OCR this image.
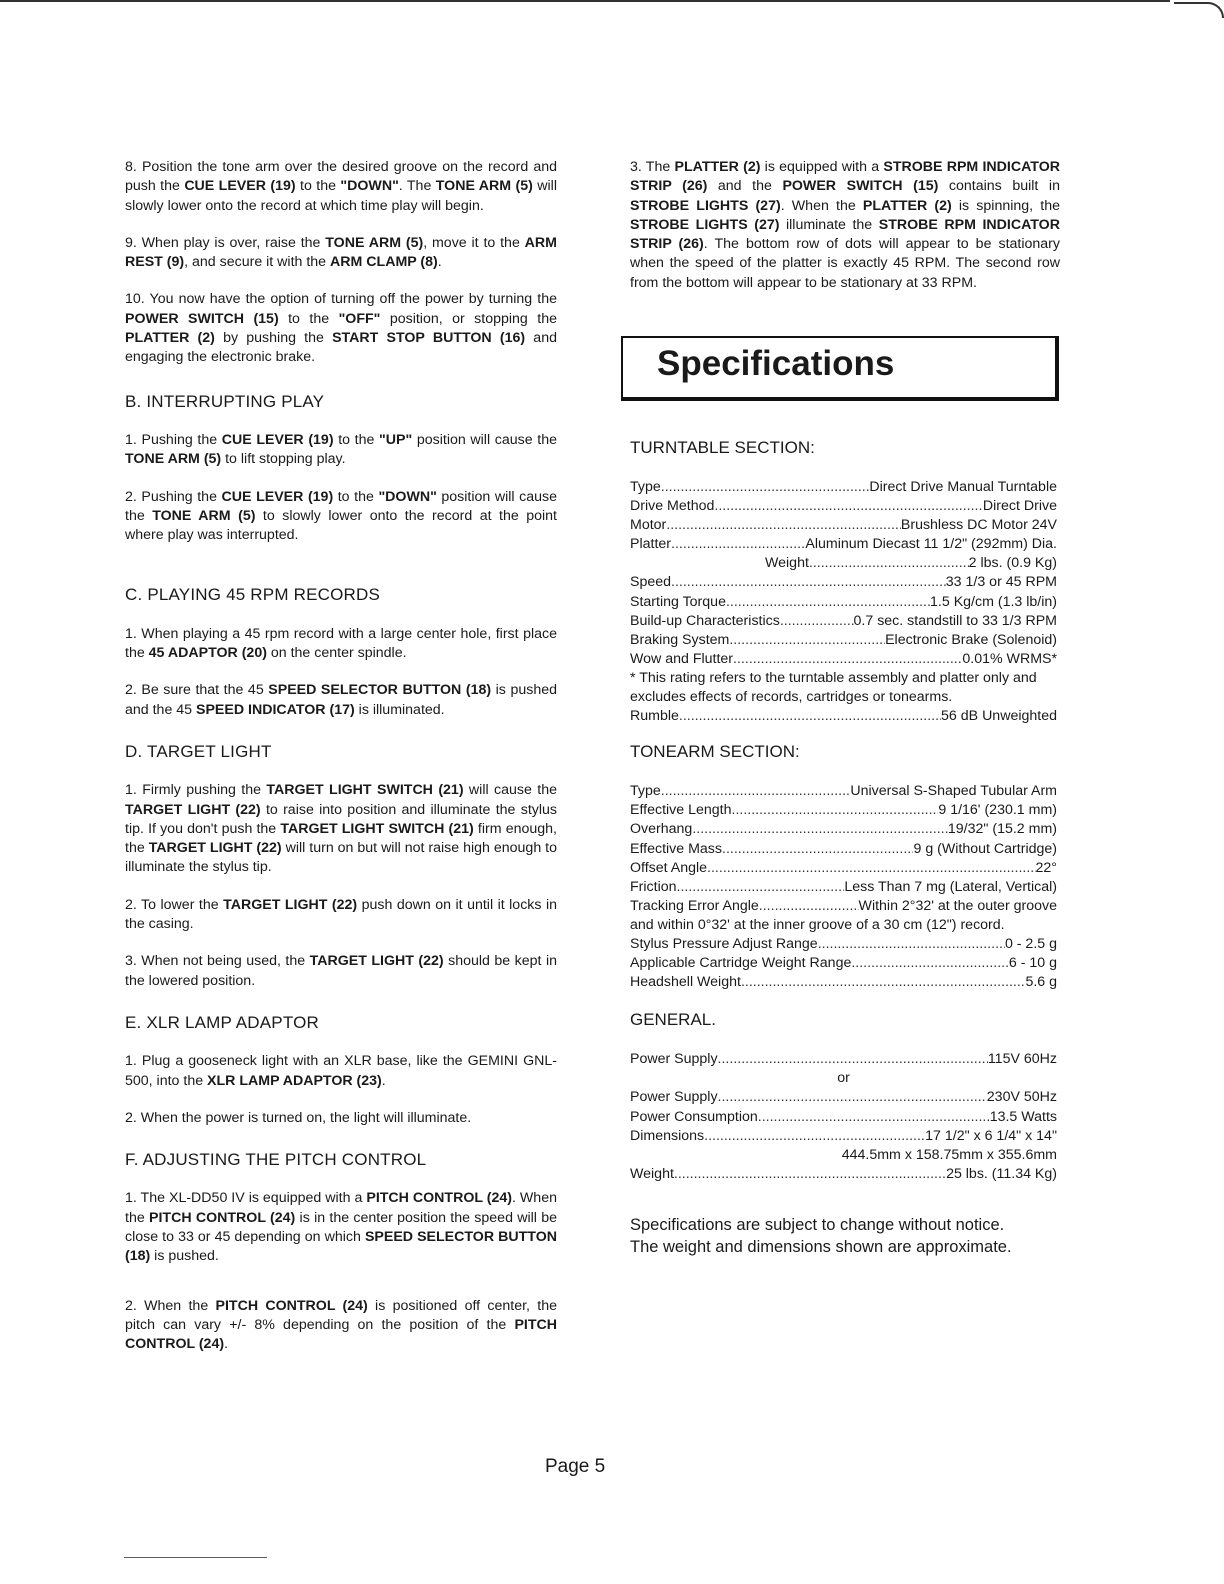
8. Position the tone arm over the desired groove on the record and push the CUE LEVER (19) to the "DOWN". The TONE ARM (5) will slowly lower onto the record at which time play will begin.

9. When play is over, raise the TONE ARM (5), move it to the ARM REST (9), and secure it with the ARM CLAMP (8).

10. You now have the option of turning off the power by turning the POWER SWITCH (15) to the "OFF" position, or stopping the PLATTER (2) by pushing the START STOP BUTTON (16) and engaging the electronic brake.

B. INTERRUPTING PLAY

1. Pushing the CUE LEVER (19) to the "UP" position will cause the TONE ARM (5) to lift stopping play.

2. Pushing the CUE LEVER (19) to the "DOWN" position will cause the TONE ARM (5) to slowly lower onto the record at the point where play was interrupted.

C. PLAYING 45 RPM RECORDS

1. When playing a 45 rpm record with a large center hole, first place the 45 ADAPTOR (20) on the center spindle.

2. Be sure that the 45 SPEED SELECTOR BUTTON (18) is pushed and the 45 SPEED INDICATOR (17) is illuminated.

D. TARGET LIGHT

1. Firmly pushing the TARGET LIGHT SWITCH (21) will cause the TARGET LIGHT (22) to raise into position and illuminate the stylus tip. If you don't push the TARGET LIGHT SWITCH (21) firm enough, the TARGET LIGHT (22) will turn on but will not raise high enough to illuminate the stylus tip.

2. To lower the TARGET LIGHT (22) push down on it until it locks in the casing.

3. When not being used, the TARGET LIGHT (22) should be kept in the lowered position.

E. XLR LAMP ADAPTOR

1. Plug a gooseneck light with an XLR base, like the GEMINI GNL-500, into the XLR LAMP ADAPTOR (23).

2. When the power is turned on, the light will illuminate.

F. ADJUSTING THE PITCH CONTROL

1. The XL-DD50 IV is equipped with a PITCH CONTROL (24). When the PITCH CONTROL (24) is in the center position the speed will be close to 33 or 45 depending on which SPEED SELECTOR BUTTON (18) is pushed.

2. When the PITCH CONTROL (24) is positioned off center, the pitch can vary +/- 8% depending on the position of the PITCH CONTROL (24).

3. The PLATTER (2) is equipped with a STROBE RPM INDICATOR STRIP (26) and the POWER SWITCH (15) contains built in STROBE LIGHTS (27). When the PLATTER (2) is spinning, the STROBE LIGHTS (27) illuminate the STROBE RPM INDICATOR STRIP (26). The bottom row of dots will appear to be stationary when the speed of the platter is exactly 45 RPM. The second row from the bottom will appear to be stationary at 33 RPM.

Specifications
TURNTABLE SECTION:
Type .....	Direct Drive Manual Turntable
Drive Method .....	Direct Drive
Motor .....	Brushless DC Motor 24V
Platter .....	Aluminum Diecast 11 1/2" (292mm) Dia.
Weight .....	2 lbs. (0.9 Kg)
Speed .....	33 1/3 or 45 RPM
Starting Torque .....	1.5 Kg/cm (1.3 lb/in)
Build-up Characteristics .....	0.7 sec. standstill to 33 1/3 RPM
Braking System .....	Electronic Brake (Solenoid)
Wow and Flutter .....	0.01% WRMS*
* This rating refers to the turntable assembly and platter only and excludes effects of records, cartridges or tonearms.
Rumble .....	56 dB Unweighted
TONEARM SECTION:
Type .....	Universal S-Shaped Tubular Arm
Effective Length .....	9 1/16' (230.1 mm)
Overhang .....	19/32" (15.2 mm)
Effective Mass .....	9 g (Without Cartridge)
Offset Angle .....	22°
Friction .....	Less Than 7 mg (Lateral, Vertical)
Tracking Error Angle .....	Within 2°32' at the outer groove
and within 0°32' at the inner groove of a 30 cm (12") record.
Stylus Pressure Adjust Range .....	0 - 2.5 g
Applicable Cartridge Weight Range .....	6 - 10 g
Headshell Weight .....	5.6 g
GENERAL.
Power Supply .....	115V 60Hz
or
Power Supply .....	230V 50Hz
Power Consumption .....	13.5 Watts
Dimensions .....	17 1/2" x 6 1/4" x 14"
444.5mm x 158.75mm x 355.6mm
Weight .....	25 lbs. (11.34 Kg)
Specifications are subject to change without notice.
The weight and dimensions shown are approximate.
Page 5
